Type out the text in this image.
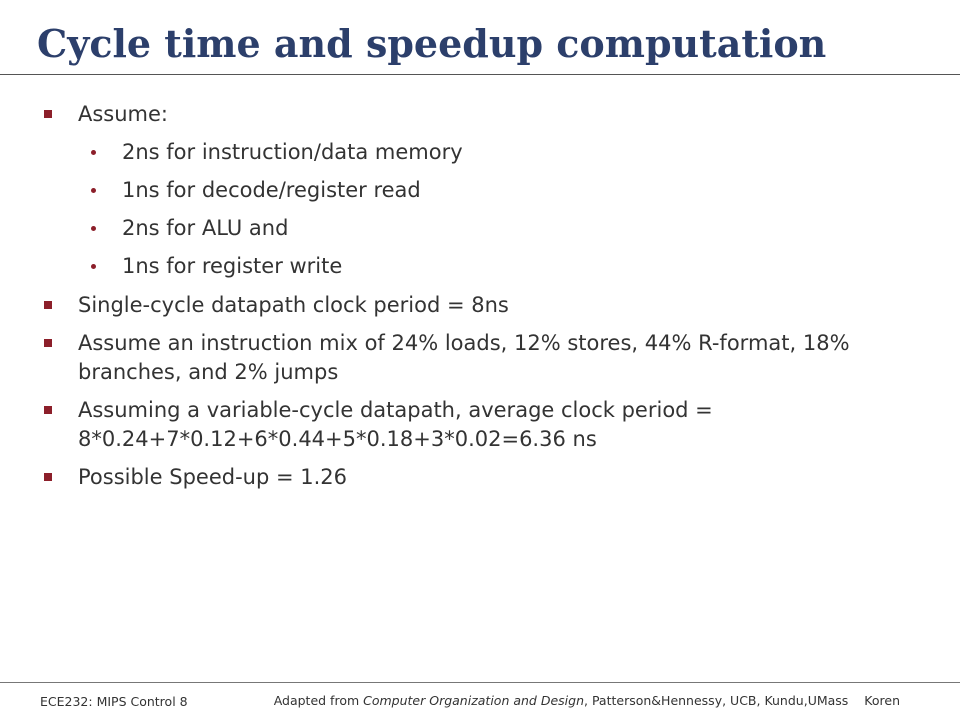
Cycle time and speedup computation
Assume:
2ns for instruction/data memory
1ns for decode/register read
2ns for ALU and
1ns for register write
Single-cycle datapath clock period = 8ns
Assume an instruction mix of 24% loads, 12% stores, 44% R-format, 18% branches, and 2% jumps
Assuming a variable-cycle datapath, average clock period = 8*0.24+7*0.12+6*0.44+5*0.18+3*0.02=6.36 ns
Possible Speed-up = 1.26
ECE232: MIPS Control 8	Adapted from Computer Organization and Design, Patterson&Hennessy, UCB, Kundu,UMass Koren
